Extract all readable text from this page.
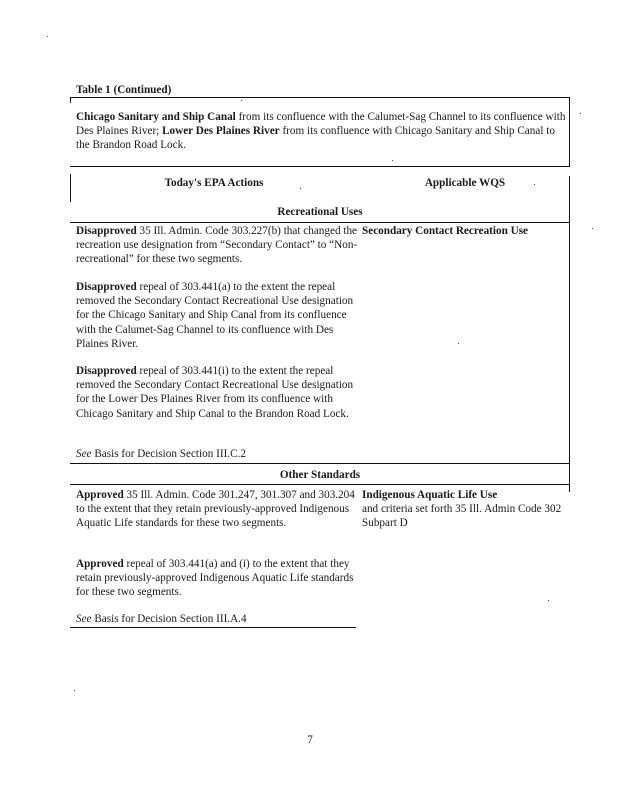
Table 1 (Continued)
Chicago Sanitary and Ship Canal from its confluence with the Calumet-Sag Channel to its confluence with Des Plaines River; Lower Des Plaines River from its confluence with Chicago Sanitary and Ship Canal to the Brandon Road Lock.
Today's EPA Actions	Applicable WQS
Recreational Uses

Disapproved 35 Ill. Admin. Code 303.227(b) that changed the recreation use designation from “Secondary Contact” to “Non-recreational” for these two segments.

Secondary Contact Recreation Use

Disapproved repeal of 303.441(a) to the extent the repeal removed the Secondary Contact Recreational Use designation for the Chicago Sanitary and Ship Canal from its confluence with the Calumet-Sag Channel to its confluence with Des Plaines River.

Disapproved repeal of 303.441(i) to the extent the repeal removed the Secondary Contact Recreational Use designation for the Lower Des Plaines River from its confluence with Chicago Sanitary and Ship Canal to the Brandon Road Lock.

See Basis for Decision Section III.C.2

Other Standards

Approved 35 Ill. Admin. Code 301.247, 301.307 and 303.204 to the extent that they retain previously-approved Indigenous Aquatic Life standards for these two segments.

Indigenous Aquatic Life Use
and criteria set forth 35 Ill. Admin Code 302 Subpart D

Approved repeal of 303.441(a) and (i) to the extent that they retain previously-approved Indigenous Aquatic Life standards for these two segments.

See Basis for Decision Section III.A.4

7
